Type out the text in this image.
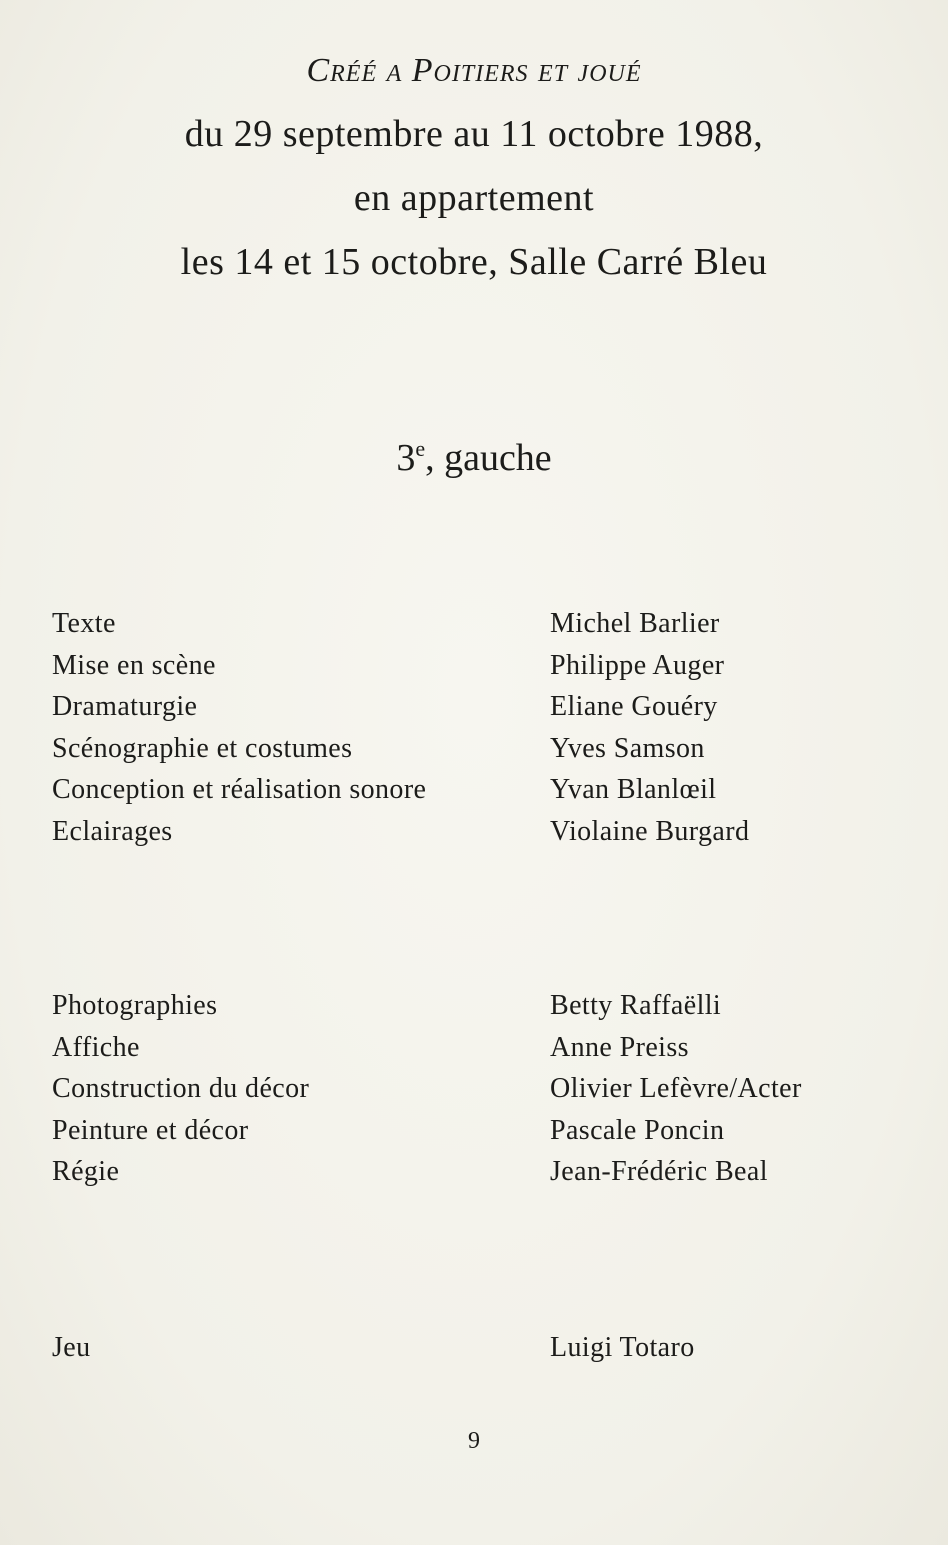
Créé a Poitiers et joué
du 29 septembre au 11 octobre 1988,
en appartement
les 14 et 15 octobre, Salle Carré Bleu
3e, gauche
Texte	Michel Barlier
Mise en scène	Philippe Auger
Dramaturgie	Eliane Gouéry
Scénographie et costumes	Yves Samson
Conception et réalisation sonore	Yvan Blanlœil
Eclairages	Violaine Burgard
Photographies	Betty Raffaëlli
Affiche	Anne Preiss
Construction du décor	Olivier Lefèvre/Acter
Peinture et décor	Pascale Poncin
Régie	Jean-Frédéric Beal
Jeu	Luigi Totaro
9
